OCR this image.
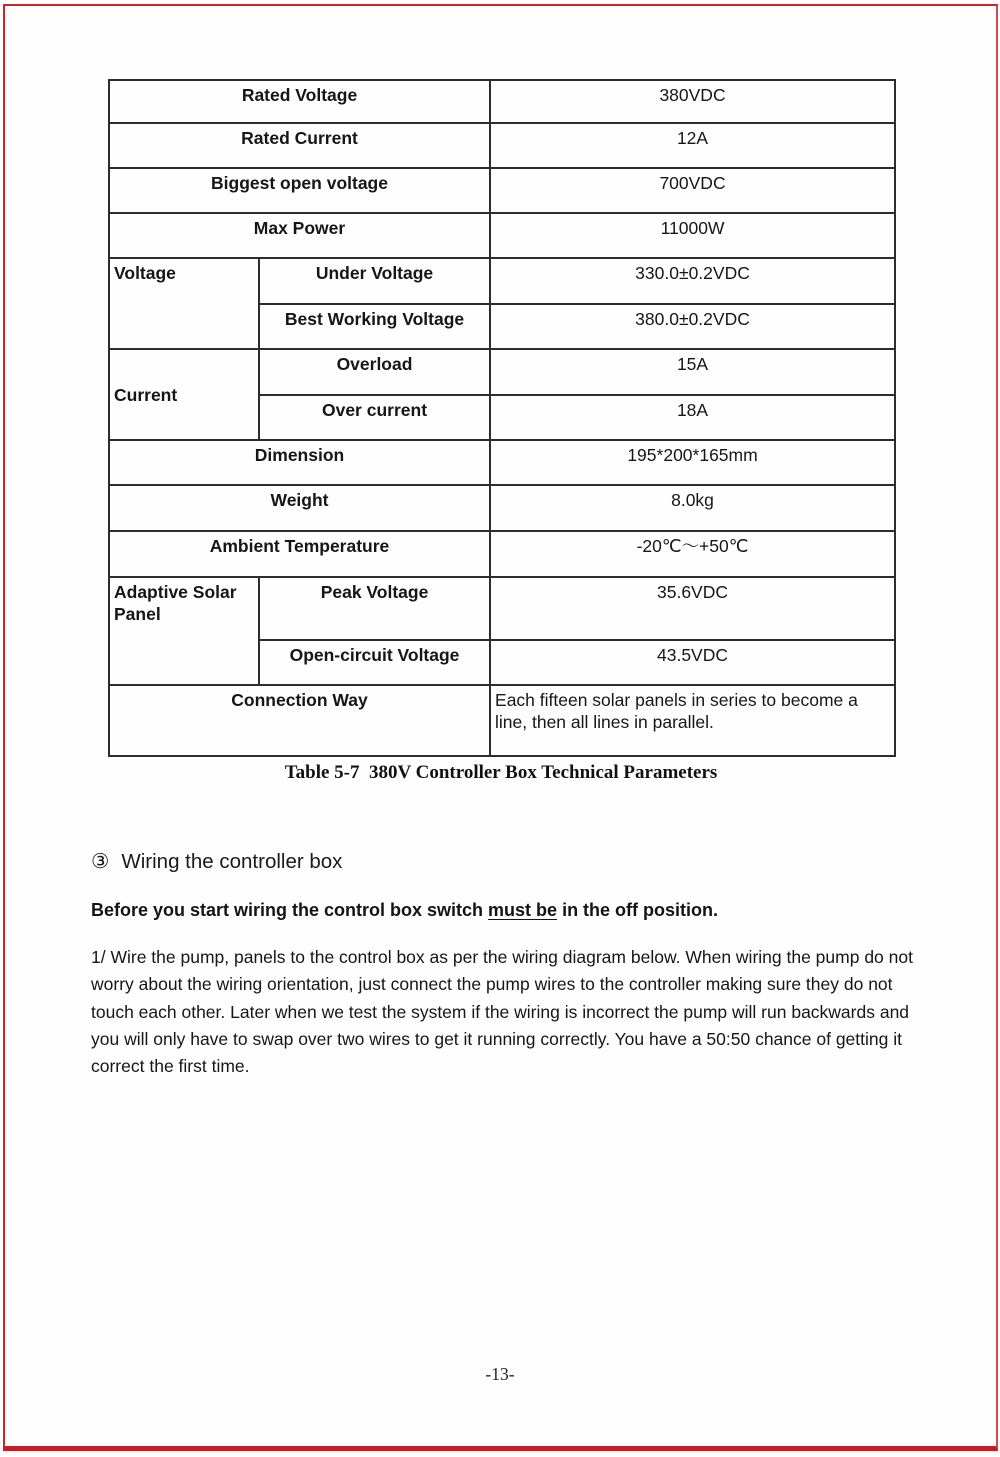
Rated Voltage		380VDC
Rated Current		12A
Biggest open voltage		700VDC
Max Power		11000W
Voltage	Under Voltage	330.0±0.2VDC
	Best Working Voltage	380.0±0.2VDC
Current	Overload	15A
	Over current	18A
Dimension		195*200*165mm
Weight		8.0kg
Ambient Temperature		-20℃～+50℃
Adaptive Solar Panel	Peak Voltage	35.6VDC
	Open-circuit Voltage	43.5VDC
Connection Way		Each fifteen solar panels in series to become a line, then all lines in parallel.
Table 5-7  380V Controller Box Technical Parameters
③ Wiring the controller box

Before you start wiring the control box switch must be in the off position.

1/ Wire the pump, panels to the control box as per the wiring diagram below. When wiring the pump do not worry about the wiring orientation, just connect the pump wires to the controller making sure they do not touch each other. Later when we test the system if the wiring is incorrect the pump will run backwards and you will only have to swap over two wires to get it running correctly. You have a 50:50 chance of getting it correct the first time.

-13-
